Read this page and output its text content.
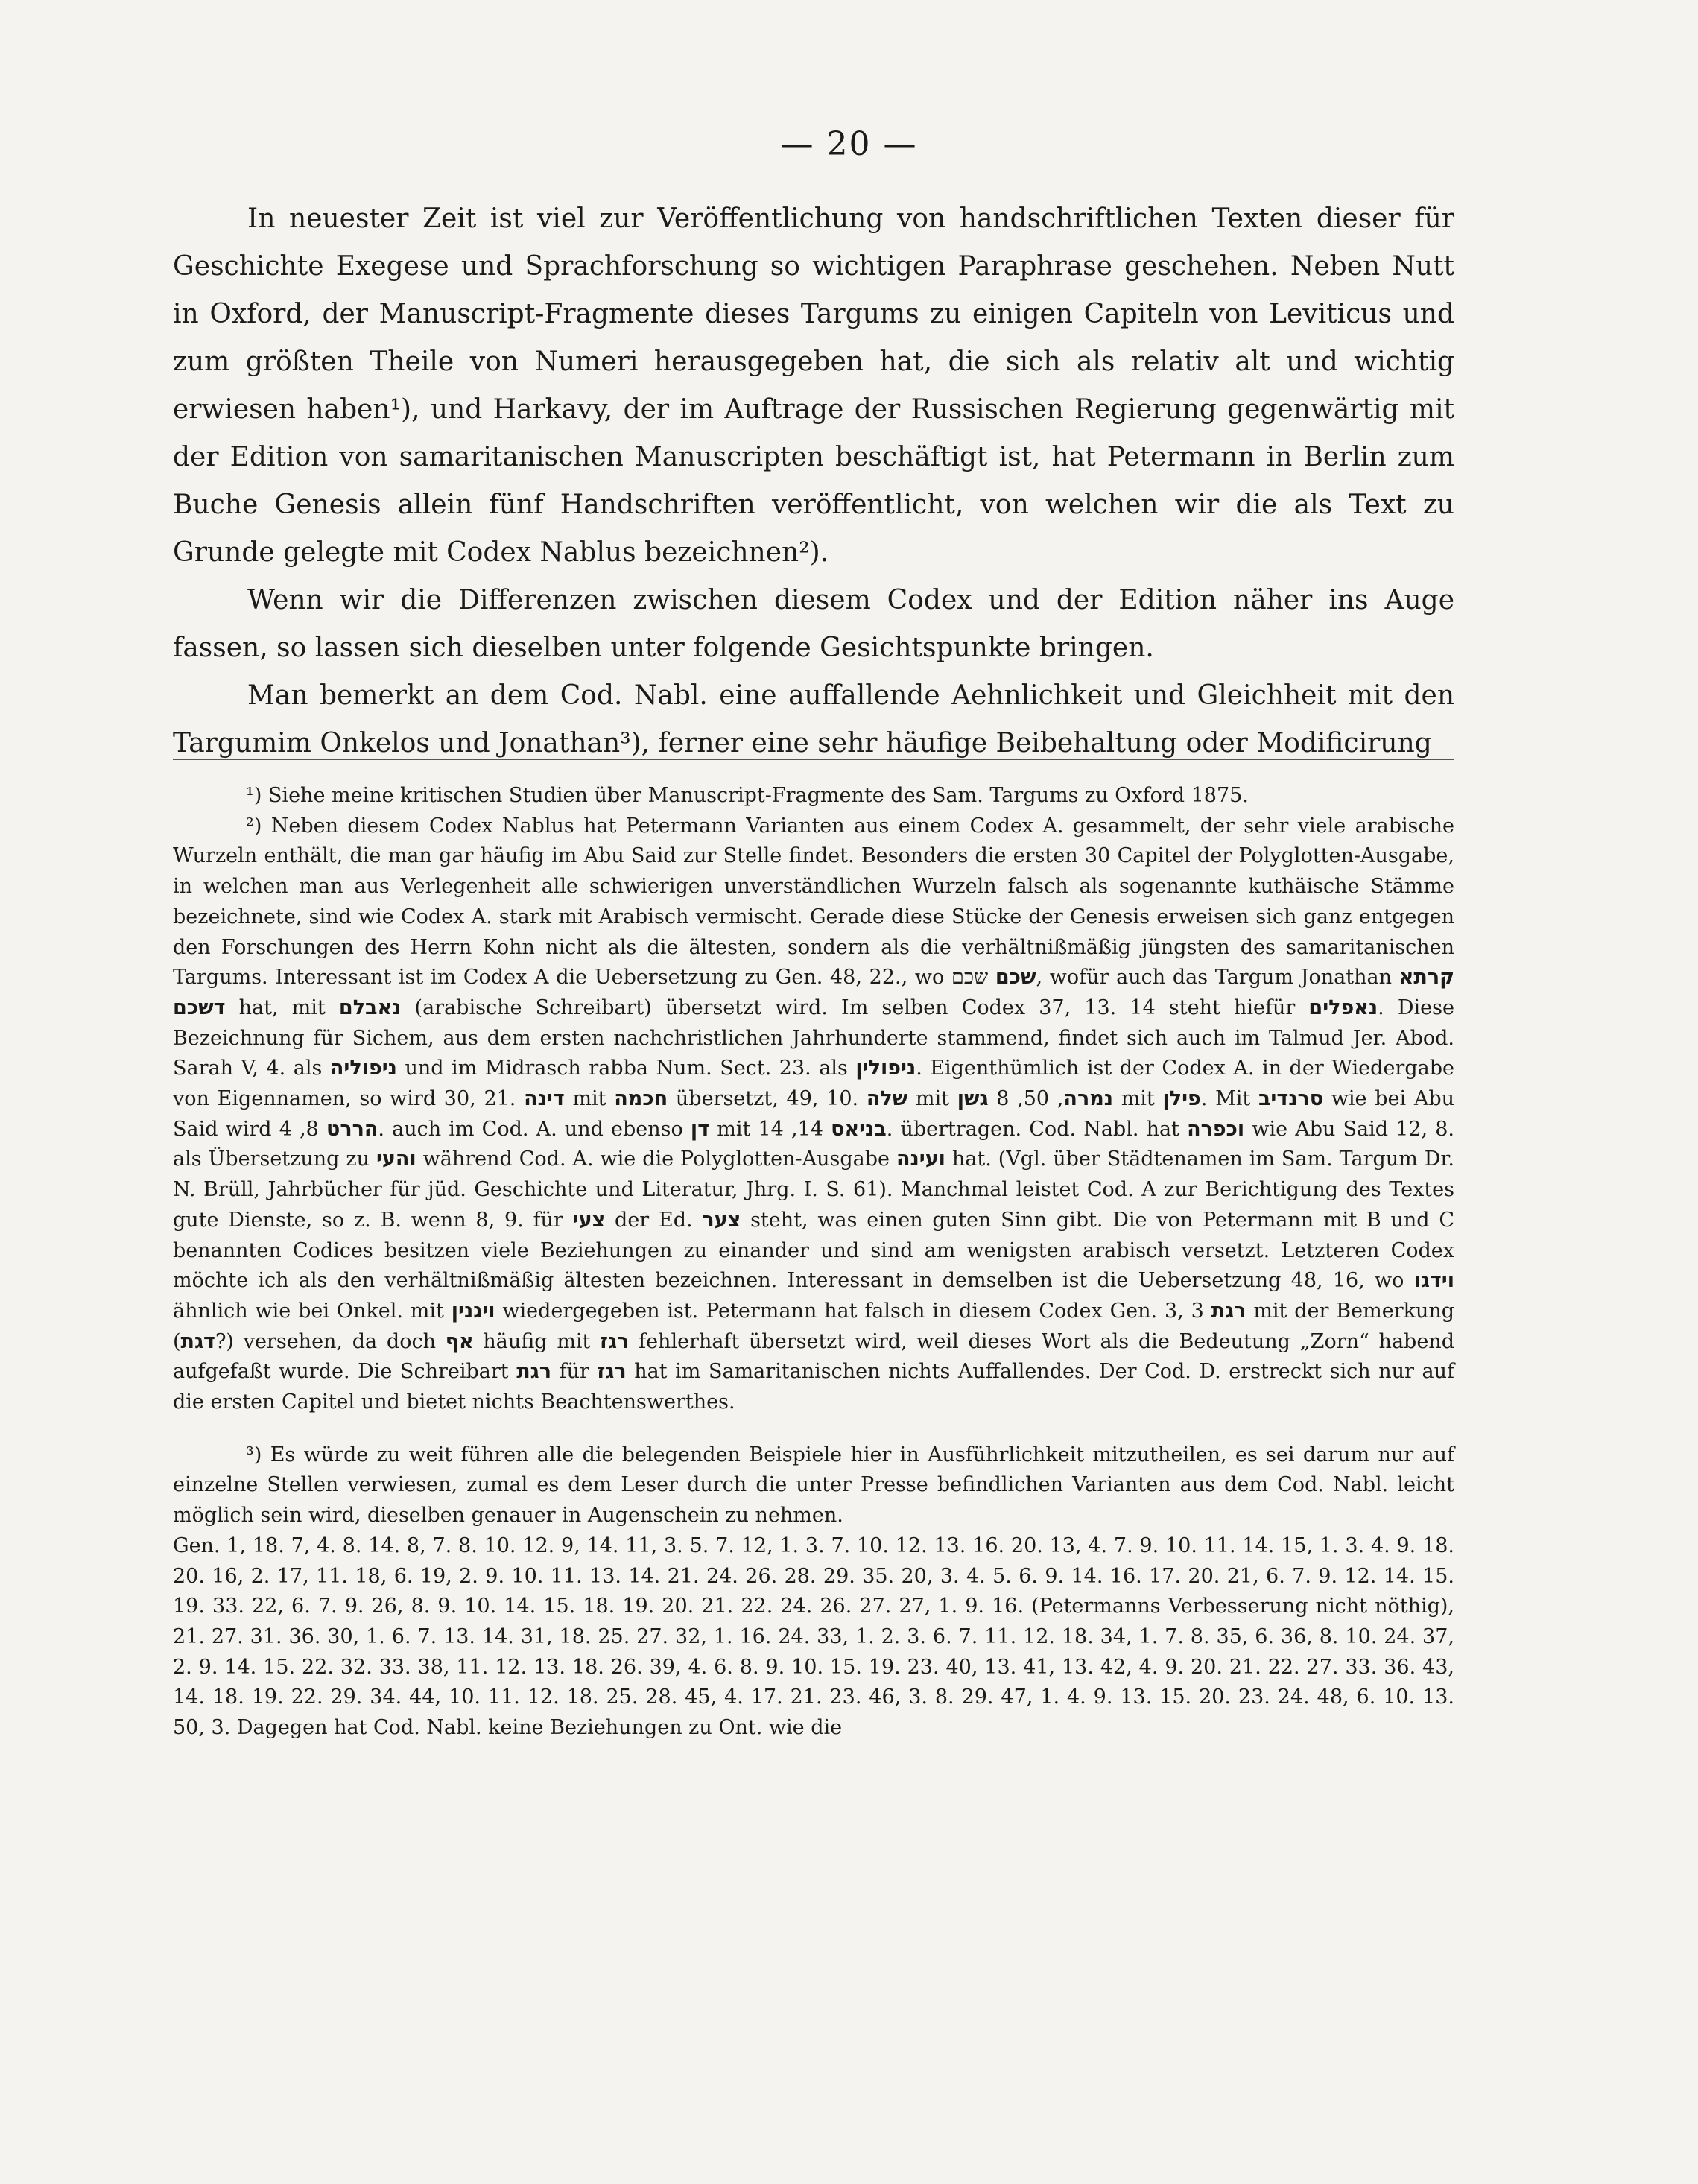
— 20 —

In neuester Zeit ist viel zur Veröffentlichung von handschriftlichen Texten dieser für Geschichte Exegese und Sprachforschung so wichtigen Paraphrase geschehen. Neben Nutt in Oxford, der Manuscript-Fragmente dieses Targums zu einigen Capiteln von Leviticus und zum größten Theile von Numeri herausgegeben hat, die sich als relativ alt und wichtig erwiesen haben¹), und Harkavy, der im Auftrage der Russischen Regierung gegenwärtig mit der Edition von samaritanischen Manuscripten beschäftigt ist, hat Petermann in Berlin zum Buche Genesis allein fünf Handschriften veröffentlicht, von welchen wir die als Text zu Grunde gelegte mit Codex Nablus bezeichnen²).

Wenn wir die Differenzen zwischen diesem Codex und der Edition näher ins Auge fassen, so lassen sich dieselben unter folgende Gesichtspunkte bringen.

Man bemerkt an dem Cod. Nabl. eine auffallende Aehnlichkeit und Gleichheit mit den Targumim Onkelos und Jonathan³), ferner eine sehr häufige Beibehaltung oder Modificirung

¹) Siehe meine kritischen Studien über Manuscript-Fragmente des Sam. Targums zu Oxford 1875.

²) Neben diesem Codex Nablus hat Petermann Varianten aus einem Codex A. gesammelt, der sehr viele arabische Wurzeln enthält, die man gar häufig im Abu Said zur Stelle findet. Besonders die ersten 30 Capitel der Polyglotten-Ausgabe, in welchen man aus Verlegenheit alle schwierigen unverständlichen Wurzeln falsch als sogenannte kuthäische Stämme bezeichnete, sind wie Codex A. stark mit Arabisch vermischt. Gerade diese Stücke der Genesis erweisen sich ganz entgegen den Forschungen des Herrn Kohn nicht als die ältesten, sondern als die verhältnißmäßig jüngsten des samaritanischen Targums. Interessant ist im Codex A die Uebersetzung zu Gen. 48, 22., wo	שכם שכם, wofür auch das Targum Jonathan קרתא דשכם hat, mit נאבלם (arabische Schreibart) übersetzt wird. Im selben Codex 37, 13. 14 steht hiefür נאפלים. Diese Bezeichnung für Sichem, aus dem ersten nachchristlichen Jahrhunderte stammend, findet sich auch im Talmud Jer. Abod. Sarah V, 4. als ניפוליה und im Midrasch rabba Num. Sect. 23. als ניפולין. Eigenthümlich ist der Codex A. in der Wiedergabe von Eigennamen, so wird 30, 21. דינה mit חכמה übersetzt, 49, 10. שלה mit	נמרה, 50, 8 גשן	mit פילן. Mit סרנדיב wie bei Abu Said wird	הררט 8, 4. auch im Cod. A. und ebenso דן mit	בניאס 14, 14. übertragen. Cod. Nabl. hat וכפרה wie Abu Said 12, 8. als Übersetzung zu והעי während Cod. A. wie die Polyglotten-Ausgabe ועינה hat. (Vgl. über Städtenamen im Sam. Targum Dr. N. Brüll, Jahrbücher für jüd. Geschichte und Literatur, Jhrg. I. S. 61). Manchmal leistet Cod. A zur Berichtigung des Textes gute Dienste, so z. B. wenn 8, 9. für צעי der Ed. צער steht, was einen guten Sinn gibt. Die von Petermann mit B und C benannten Codices besitzen viele Beziehungen zu einander und sind am wenigsten arabisch versetzt. Letzteren Codex möchte ich als den verhältnißmäßig ältesten bezeichnen. Interessant in demselben ist die Uebersetzung 48, 16, wo וידגו ähnlich wie bei Onkel. mit ויגנין wiedergegeben ist. Petermann hat falsch in diesem Codex Gen. 3, 3 רגת mit der Bemerkung (דגת?) versehen, da doch אף häufig mit רגז fehlerhaft übersetzt wird, weil dieses Wort als die Bedeutung „Zorn“ habend aufgefaßt wurde. Die Schreibart רגת für רגז hat im Samaritanischen nichts Auffallendes. Der Cod. D. erstreckt sich nur auf die ersten Capitel und bietet nichts Beachtenswerthes.

³) Es würde zu weit führen alle die belegenden Beispiele hier in Ausführlichkeit mitzutheilen, es sei darum nur auf einzelne Stellen verwiesen, zumal es dem Leser durch die unter Presse befindlichen Varianten aus dem Cod. Nabl. leicht möglich sein wird, dieselben genauer in Augenschein zu nehmen.

Gen. 1, 18. 7, 4. 8. 14. 8, 7. 8. 10. 12. 9, 14. 11, 3. 5. 7. 12, 1. 3. 7. 10. 12. 13. 16. 20. 13, 4. 7. 9. 10. 11. 14. 15, 1. 3. 4. 9. 18. 20. 16, 2. 17, 11. 18, 6. 19, 2. 9. 10. 11. 13. 14. 21. 24. 26. 28. 29. 35. 20, 3. 4. 5. 6. 9. 14. 16. 17. 20. 21, 6. 7. 9. 12. 14. 15. 19. 33. 22, 6. 7. 9. 26, 8. 9. 10. 14. 15. 18. 19. 20. 21. 22. 24. 26. 27. 27, 1. 9. 16. (Petermanns Verbesserung nicht nöthig), 21. 27. 31. 36. 30, 1. 6. 7. 13. 14. 31, 18. 25. 27. 32, 1. 16. 24. 33, 1. 2. 3. 6. 7. 11. 12. 18. 34, 1. 7. 8. 35, 6. 36, 8. 10. 24. 37, 2. 9. 14. 15. 22. 32. 33. 38, 11. 12. 13. 18. 26. 39, 4. 6. 8. 9. 10. 15. 19. 23. 40, 13. 41, 13. 42, 4. 9. 20. 21. 22. 27. 33. 36. 43, 14. 18. 19. 22. 29. 34. 44, 10. 11. 12. 18. 25. 28. 45, 4. 17. 21. 23. 46, 3. 8. 29. 47, 1. 4. 9. 13. 15. 20. 23. 24. 48, 6. 10. 13. 50, 3. Dagegen hat Cod. Nabl. keine Beziehungen zu Ont. wie die
